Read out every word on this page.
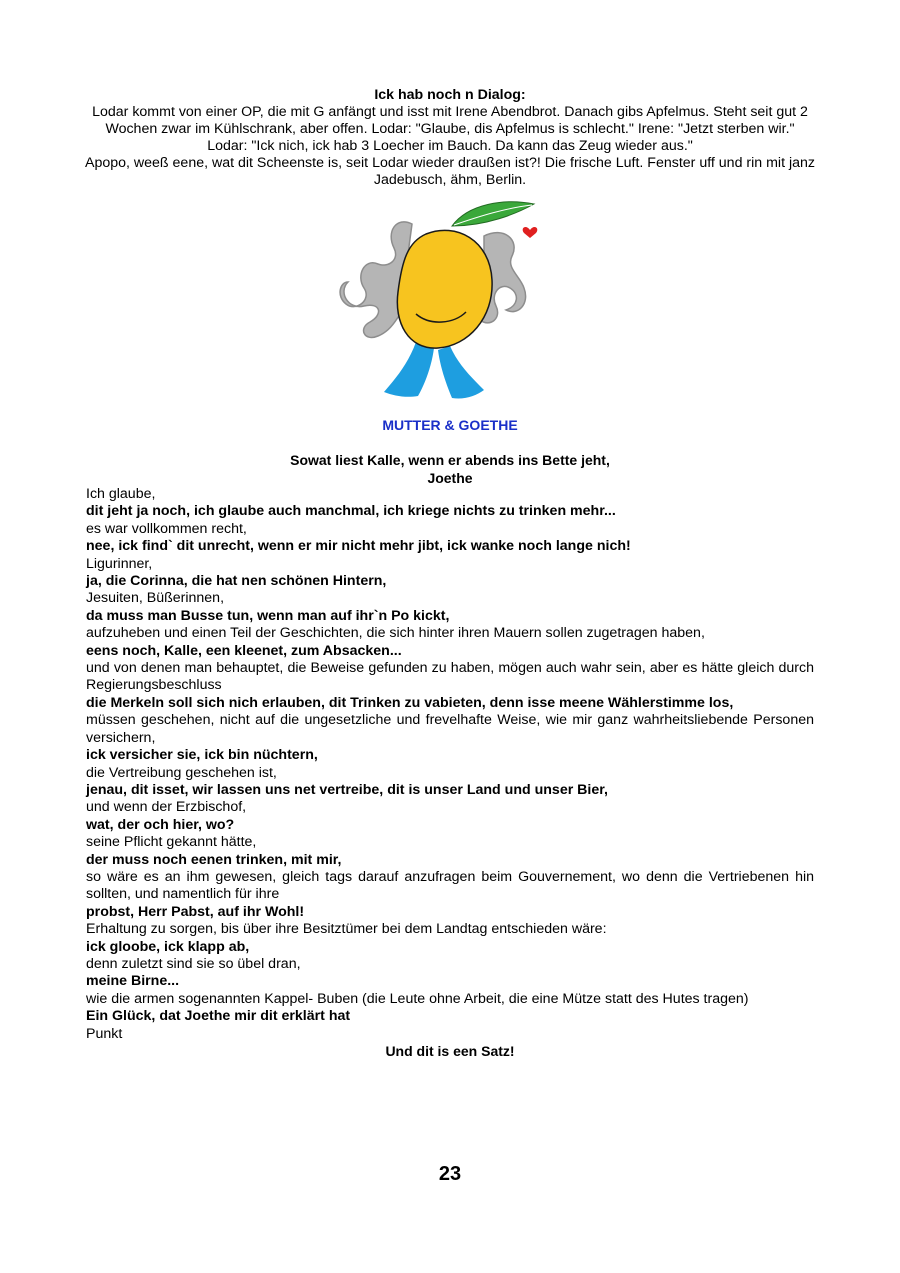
Ick hab noch n Dialog:
Lodar kommt von einer OP, die mit G anfängt und isst mit Irene Abendbrot. Danach gibs Apfelmus. Steht seit gut 2 Wochen zwar im Kühlschrank, aber offen. Lodar: "Glaube, dis Apfelmus is schlecht." Irene: "Jetzt sterben wir." Lodar: "Ick nich, ick hab 3 Loecher im Bauch. Da kann das Zeug wieder aus."
Apopo, weeß eene, wat dit Scheenste is, seit Lodar wieder draußen ist?! Die frische Luft. Fenster uff und rin mit janz Jadebusch, ähm, Berlin.
MUTTER & GOETHE
Sowat liest Kalle, wenn er abends ins Bette jeht,
Joethe
Ich glaube,
dit jeht ja noch, ich glaube auch manchmal, ich kriege nichts zu trinken mehr...
es war vollkommen recht,
nee, ick find` dit unrecht, wenn er mir nicht mehr jibt, ick wanke noch lange nich!
Ligurinner,
ja, die Corinna, die hat nen schönen Hintern,
Jesuiten, Büßerinnen,
da muss man Busse tun, wenn man auf ihr`n Po kickt,
aufzuheben und einen Teil der Geschichten, die sich hinter ihren Mauern sollen zugetragen haben,
eens noch, Kalle, een kleenet, zum Absacken...
und von denen man behauptet, die Beweise gefunden zu haben, mögen auch wahr sein, aber es hätte gleich durch Regierungsbeschluss
die Merkeln soll sich nich erlauben, dit Trinken zu vabieten, denn isse meene Wählerstimme los,
müssen geschehen, nicht auf die ungesetzliche und frevelhafte Weise, wie mir ganz wahrheitsliebende Personen versichern,
ick versicher sie, ick bin nüchtern,
die Vertreibung geschehen ist,
jenau, dit isset, wir lassen uns net vertreibe, dit is unser Land und unser Bier,
und wenn der Erzbischof,
wat, der och hier, wo?
seine Pflicht gekannt hätte,
der muss noch eenen trinken, mit mir,
so wäre es an ihm gewesen, gleich tags darauf anzufragen beim Gouvernement, wo denn die Vertriebenen hin sollten, und namentlich für ihre
probst, Herr Pabst, auf ihr Wohl!
Erhaltung zu sorgen, bis über ihre Besitztümer bei dem Landtag entschieden wäre:
ick gloobe, ick klapp ab,
denn zuletzt sind sie so übel dran,
meine Birne...
wie die armen sogenannten Kappel- Buben (die Leute ohne Arbeit, die eine Mütze statt des Hutes tragen)
Ein Glück, dat Joethe mir dit erklärt hat
Punkt
Und dit is een Satz!
23
